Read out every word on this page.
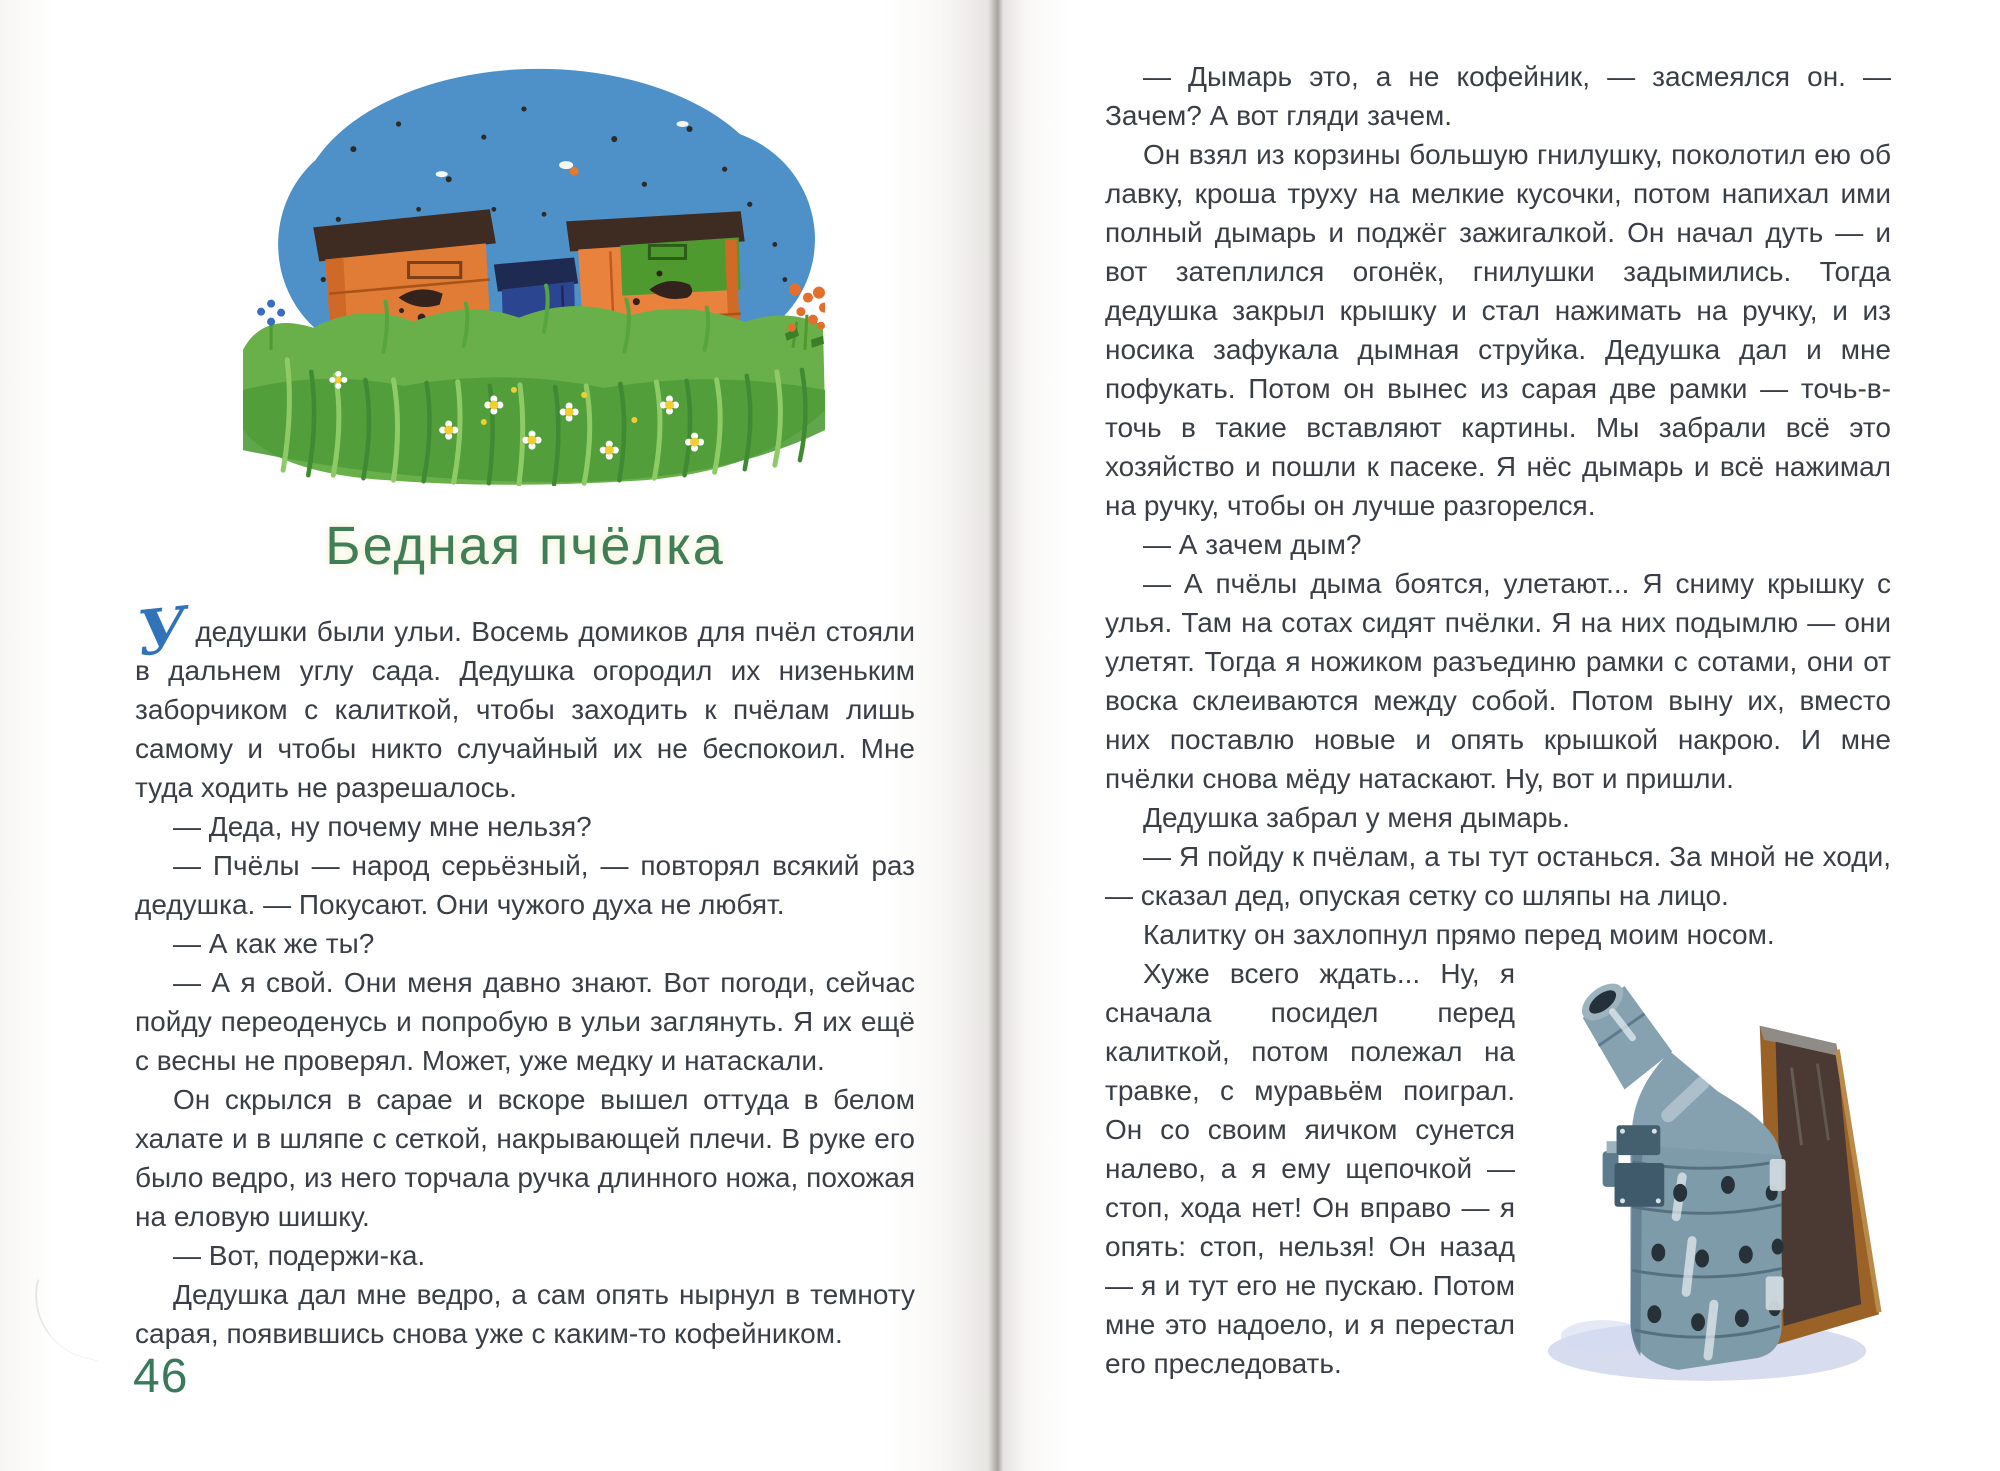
Бедная пчёлка

Удедушки были ульи. Восемь домиков для пчёл стояли в дальнем углу сада. Дедушка огородил их низеньким заборчиком с калиткой, чтобы заходить к пчёлам лишь самому и чтобы никто случайный их не беспокоил. Мне туда ходить не разрешалось.

— Деда, ну почему мне нельзя?

— Пчёлы — народ серьёзный, — повторял всякий раз дедушка. — Покусают. Они чужого духа не любят.

— А как же ты?

— А я свой. Они меня давно знают. Вот погоди, сейчас пойду переоденусь и попробую в ульи заглянуть. Я их ещё с весны не проверял. Может, уже медку и натаскали.

Он скрылся в сарае и вскоре вышел оттуда в белом халате и в шляпе с сеткой, накрывающей плечи. В руке его было ведро, из него торчала ручка длинного ножа, похожая на еловую шишку.

— Вот, подержи-ка.

Дедушка дал мне ведро, а сам опять нырнул в темноту сарая, появившись снова уже с каким-то кофейником.

46

— Дымарь это, а не кофейник, — засмеялся он. — Зачем? А вот гляди зачем.

Он взял из корзины большую гнилушку, поколотил ею об лавку, кроша труху на мелкие кусочки, потом напихал ими полный дымарь и поджёг зажигалкой. Он начал дуть — и вот затеплился огонёк, гнилушки задымились. Тогда дедушка закрыл крышку и стал нажимать на ручку, и из носика зафукала дымная струйка. Дедушка дал и мне пофукать. Потом он вынес из сарая две рамки — точь-в-точь в такие вставляют картины. Мы забрали всё это хозяйство и пошли к пасеке. Я нёс дымарь и всё нажимал на ручку, чтобы он лучше разгорелся.

— А зачем дым?

— А пчёлы дыма боятся, улетают... Я сниму крышку с улья. Там на сотах сидят пчёлки. Я на них подымлю — они улетят. Тогда я ножиком разъединю рамки с сотами, они от воска склеиваются между собой. Потом выну их, вместо них поставлю новые и опять крышкой накрою. И мне пчёлки снова мёду натаскают. Ну, вот и пришли.

Дедушка забрал у меня дымарь.

— Я пойду к пчёлам, а ты тут останься. За мной не ходи, — сказал дед, опуская сетку со шляпы на лицо.

Калитку он захлопнул прямо перед моим носом.

Хуже всего ждать... Ну, я сначала посидел перед калиткой, потом полежал на травке, с муравьём поиграл. Он со своим яичком сунется налево, а я ему щепочкой — стоп, хода нет! Он вправо — я опять: стоп, нельзя! Он назад — я и тут его не пускаю. Потом мне это надоело, и я перестал его преследовать.
